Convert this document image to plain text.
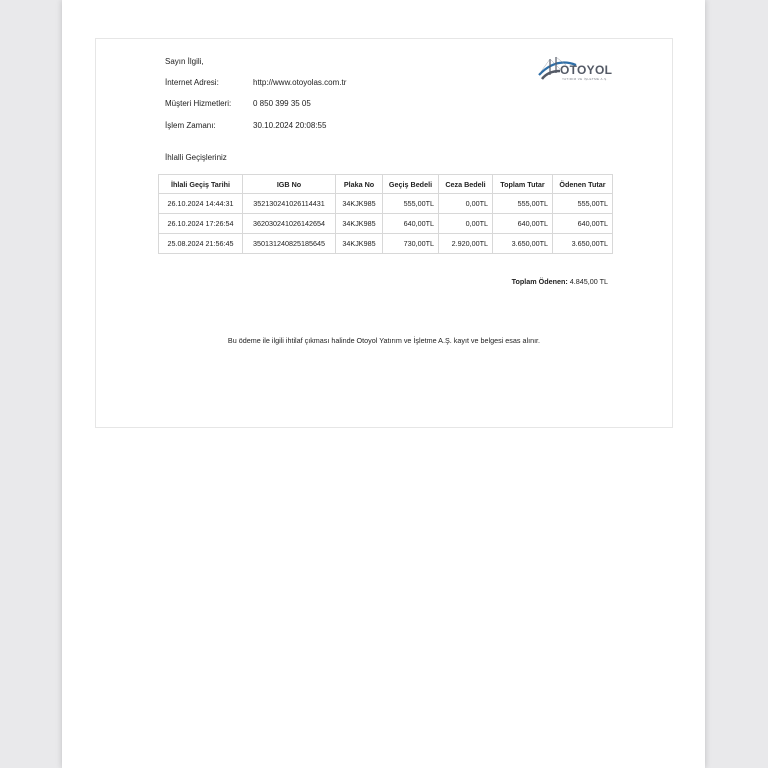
Sayın İlgili,
İnternet Adresi:	http://www.otoyolas.com.tr
Müşteri Hizmetleri:	0 850 399 35 05
İşlem Zamanı:	30.10.2024 20:08:55
OTOYOL
YATIRIM VE İŞLETME A.Ş.
İhlalli Geçişleriniz
İhlali Geçiş Tarihi	IGB No	Plaka No	Geçiş Bedeli	Ceza Bedeli	Toplam Tutar	Ödenen Tutar
26.10.2024 14:44:31	352130241026114431	34KJK985	555,00TL	0,00TL	555,00TL	555,00TL
26.10.2024 17:26:54	362030241026142654	34KJK985	640,00TL	0,00TL	640,00TL	640,00TL
25.08.2024 21:56:45	350131240825185645	34KJK985	730,00TL	2.920,00TL	3.650,00TL	3.650,00TL
Toplam Ödenen: 4.845,00 TL
Bu ödeme ile ilgili ihtilaf çıkması halinde Otoyol Yatırım ve İşletme A.Ş. kayıt ve belgesi esas alınır.
